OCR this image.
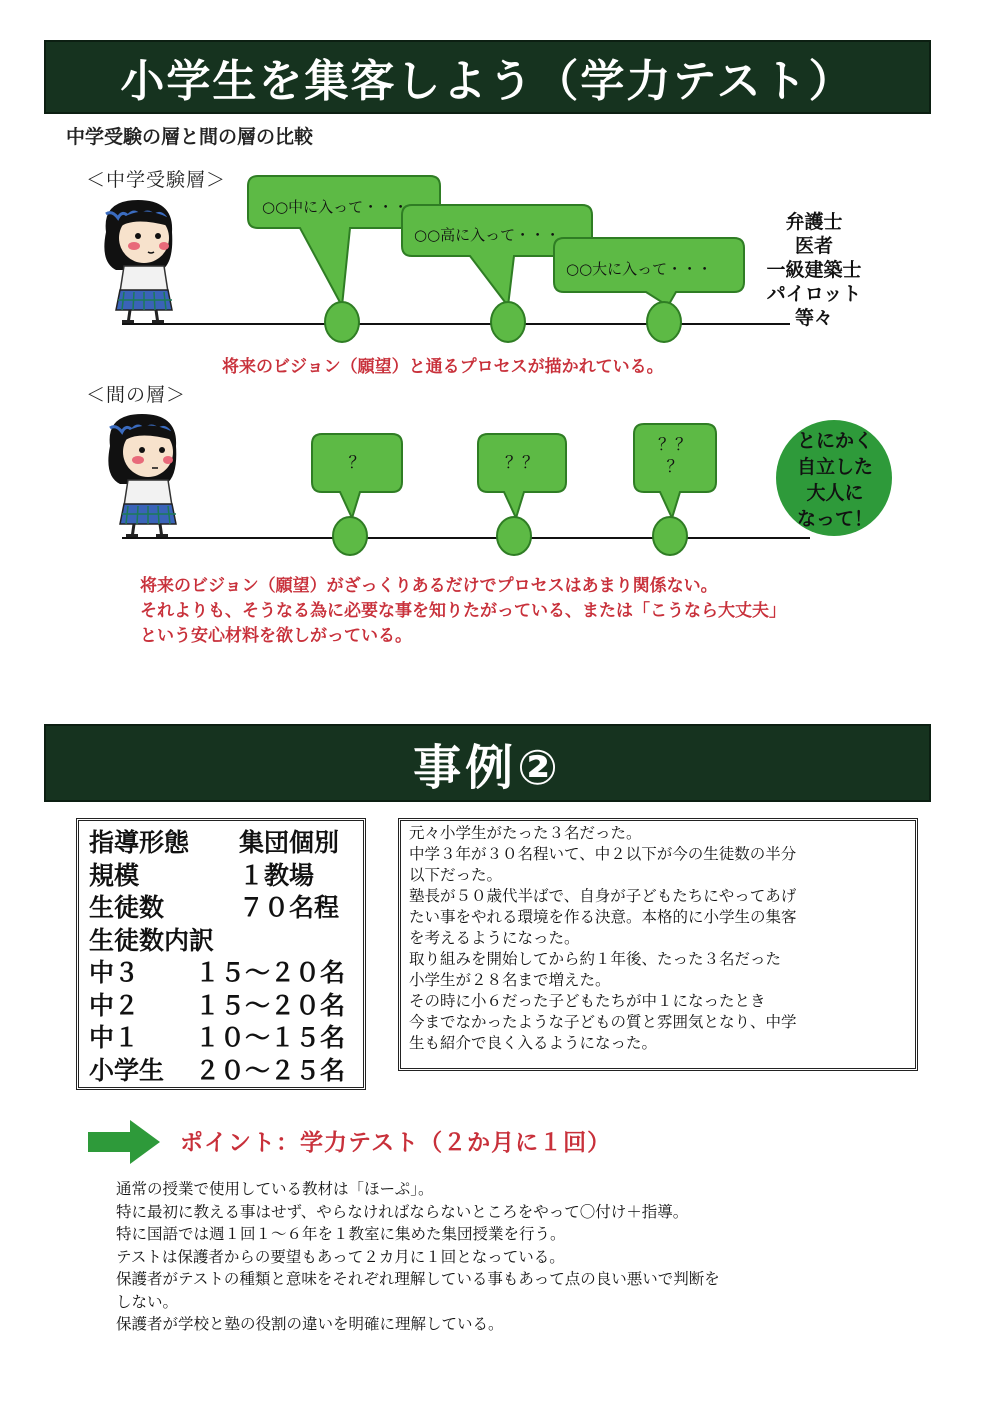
小学生を集客しよう（学力テスト）
中学受験の層と間の層の比較
＜中学受験層＞
○○中に入って・・・
○○高に入って・・・
○○大に入って・・・
弁護士
医者
一級建築士
パイロット
等々
将来のビジョン（願望）と通るプロセスが描かれている。
＜間の層＞
？	？？
？？
？
とにかく
自立した
大人に
なって！
将来のビジョン（願望）がざっくりあるだけでプロセスはあまり関係ない。
それよりも、そうなる為に必要な事を知りたがっている、または「こうなら大丈夫」
という安心材料を欲しがっている。
事例②
指導形態	集団個別
規模	１教場
生徒数	７０名程
生徒数内訳
中３	１５～２０名
中２	１５～２０名
中１	１０～１５名
小学生	２０～２５名
元々小学生がたった３名だった。
中学３年が３０名程いて、中２以下が今の生徒数の半分
以下だった。
塾長が５０歳代半ばで、自身が子どもたちにやってあげ
たい事をやれる環境を作る決意。本格的に小学生の集客
を考えるようになった。
取り組みを開始してから約１年後、たった３名だった
小学生が２８名まで増えた。
その時に小６だった子どもたちが中１になったとき
今までなかったような子どもの質と雰囲気となり、中学
生も紹介で良く入るようになった。
ポイント：学力テスト（２か月に１回）
通常の授業で使用している教材は「ほーぷ」。
特に最初に教える事はせず、やらなければならないところをやって〇付け＋指導。
特に国語では週１回１～６年を１教室に集めた集団授業を行う。
テストは保護者からの要望もあって２カ月に１回となっている。
保護者がテストの種類と意味をそれぞれ理解している事もあって点の良い悪いで判断を
しない。
保護者が学校と塾の役割の違いを明確に理解している。
